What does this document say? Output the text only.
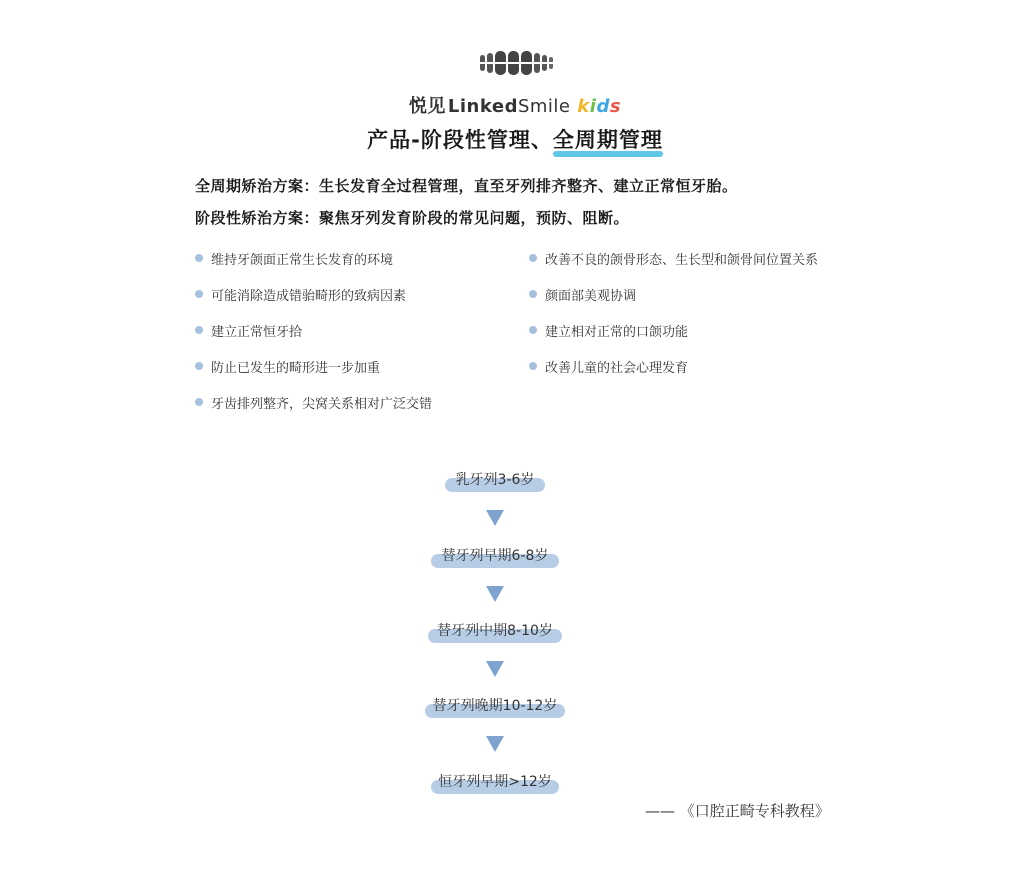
悦见 LinkedSmile kids
产品-阶段性管理、全周期管理
全周期矫治方案：生长发育全过程管理，直至牙列排齐整齐、建立正常恒牙胎。
阶段性矫治方案：聚焦牙列发育阶段的常见问题，预防、阻断。
维持牙颌面正常生长发育的环境
可能消除造成错骀畸形的致病因素
建立正常恒牙拾
防止已发生的畸形进一步加重
牙齿排列整齐，尖窝关系相对广泛交错
改善不良的颌骨形态、生长型和颌骨间位置关系
颜面部美观协调
建立相对正常的口颌功能
改善儿童的社会心理发育
乳牙列3-6岁
替牙列早期6-8岁
替牙列中期8-10岁
替牙列晚期10-12岁
恒牙列早期>12岁
—— 《口腔正畸专科教程》
